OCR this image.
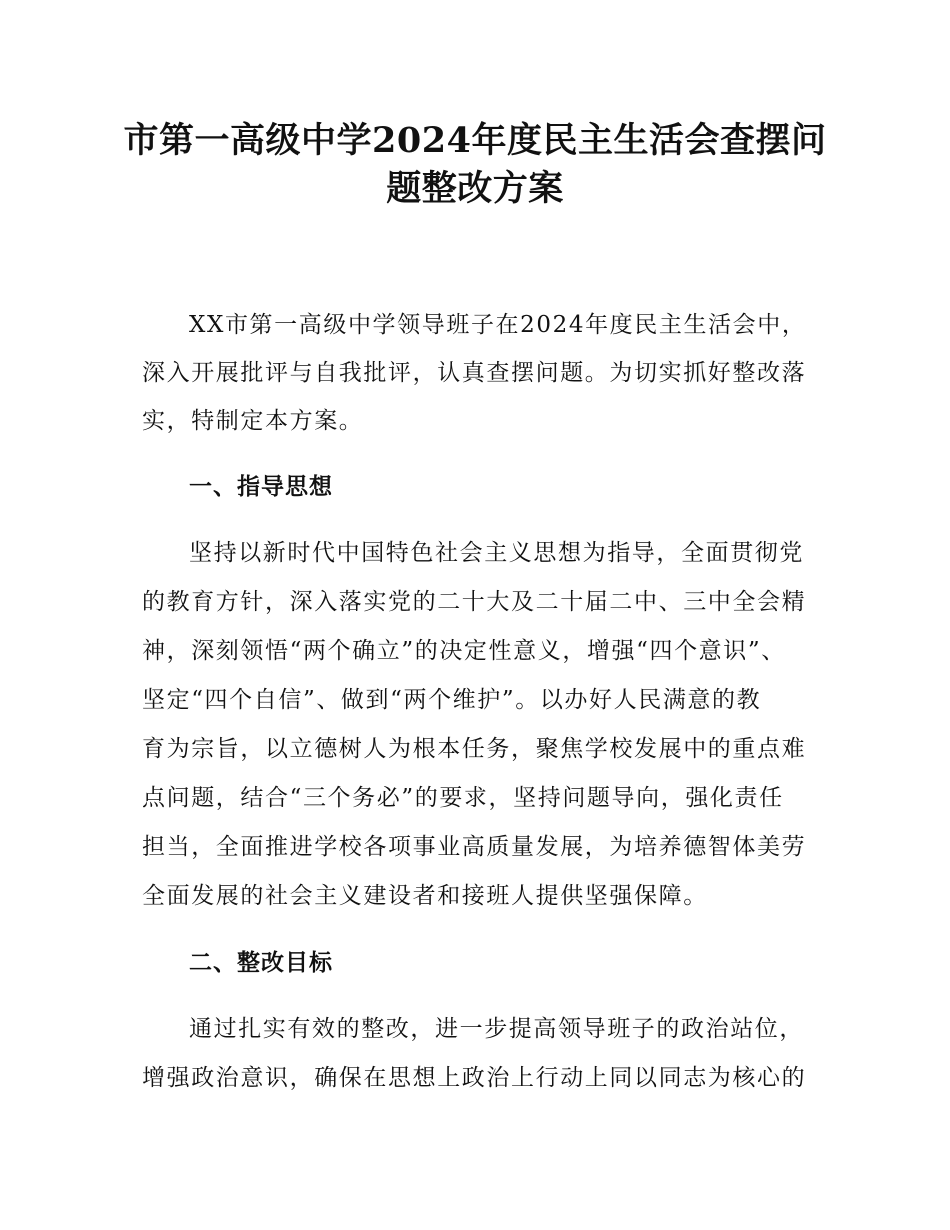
市第一高级中学2024年度民主生活会查摆问
题整改方案

XX市第一高级中学领导班子在2024年度民主生活会中，

深入开展批评与自我批评，认真查摆问题。为切实抓好整改落

实，特制定本方案。

一、指导思想

坚持以新时代中国特色社会主义思想为指导，全面贯彻党

的教育方针，深入落实党的二十大及二十届二中、三中全会精

神，深刻领悟“两个确立”的决定性意义，增强“四个意识”、

坚定“四个自信”、做到“两个维护”。以办好人民满意的教

育为宗旨，以立德树人为根本任务，聚焦学校发展中的重点难

点问题，结合“三个务必”的要求，坚持问题导向，强化责任

担当，全面推进学校各项事业高质量发展，为培养德智体美劳

全面发展的社会主义建设者和接班人提供坚强保障。

二、整改目标

通过扎实有效的整改，进一步提高领导班子的政治站位，

增强政治意识，确保在思想上政治上行动上同以同志为核心的
